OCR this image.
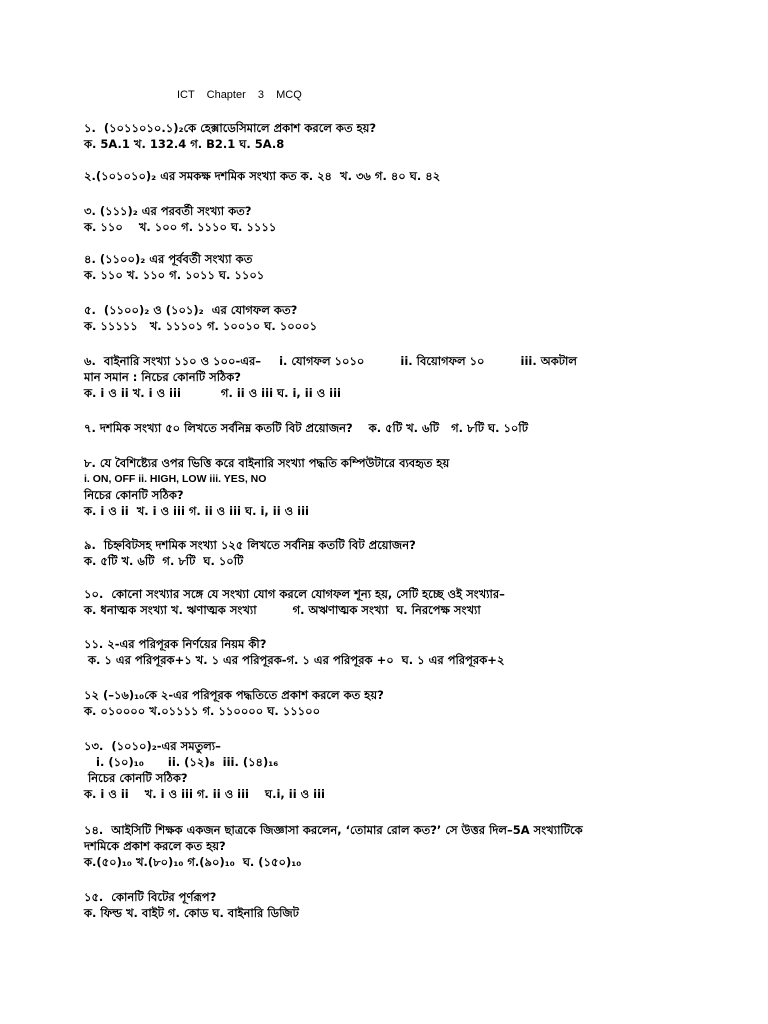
ICT  Chapter  3  MCQ
১.  (১০১১০১০.১)₂কে হেক্সাডেসিমালে প্রকাশ করলে কত হয়?
ক. 5A.1 খ. 132.4 গ. B2.1 ঘ. 5A.8
২.(১০১০১০)₂ এর সমকক্ষ দশমিক সংখ্যা কত ক. ২৪  খ. ৩৬ গ. ৪০ ঘ. ৪২
৩. (১১১)₂ এর পরবর্তী সংখ্যা কত?
ক. ১১০    খ. ১০০ গ. ১১১০ ঘ. ১১১১
৪. (১১০০)₂ এর পূর্ববর্তী সংখ্যা কত
ক. ১১০ খ. ১১০ গ. ১০১১ ঘ. ১১০১
৫.  (১১০০)₂ ও (১০১)₂  এর যোগফল কত?
ক. ১১১১১   খ. ১১১০১ গ. ১০০১০ ঘ. ১০০০১
৬.  বাইনারি সংখ্যা ১১০ ও ১০০-এর– i. যোগফল ১০১০	ii. বিয়োগফল ১০	iii. অকটাল
মান সমান : নিচের কোনটি সঠিক?
ক. i ও ii খ. i ও iii          গ. ii ও iii ঘ. i, ii ও iii
৭. দশমিক সংখ্যা ৫০ লিখতে সর্বনিম্ন কতটি বিট প্রয়োজন?    ক. ৫টি খ. ৬টি   গ. ৮টি ঘ. ১০টি
৮. যে বৈশিষ্ট্যের ওপর ভিত্তি করে বাইনারি সংখ্যা পদ্ধতি কম্পিউটারে ব্যবহৃত হয়
i. ON, OFF ii. HIGH, LOW iii. YES, NO
নিচের কোনটি সঠিক?
ক. i ও ii  খ. i ও iii গ. ii ও iii ঘ. i, ii ও iii
৯.  চিহ্নবিটসহ দশমিক সংখ্যা ১২৫ লিখতে সর্বনিম্ন কতটি বিট প্রয়োজন?
ক. ৫টি খ. ৬টি  গ. ৮টি  ঘ. ১০টি
১০.  কোনো সংখ্যার সঙ্গে যে সংখ্যা যোগ করলে যোগফল শূন্য হয়, সেটি হচ্ছে ওই সংখ্যার–
ক. ধনাত্মক সংখ্যা খ. ঋণাত্মক সংখ্যা         গ. অঋণাত্মক সংখ্যা  ঘ. নিরপেক্ষ সংখ্যা
১১. ২-এর পরিপূরক নির্ণয়ের নিয়ম কী?
ক. ১ এর পরিপূরক+১ খ. ১ এর পরিপূরক-গ. ১ এর পরিপূরক +০  ঘ. ১ এর পরিপূরক+২
১২ (–১৬)₁₀কে ২-এর পরিপূরক পদ্ধতিতে প্রকাশ করলে কত হয়?
ক. ০১০০০০ খ.০১১১১ গ. ১১০০০০ ঘ. ১১১০০
১৩.  (১০১০)₂-এর সমতুল্য–
i. (১০)₁₀      ii. (১২)₈  iii. (১৪)₁₆
নিচের কোনটি সঠিক?
ক. i ও ii    খ. i ও iii গ. ii ও iii    ঘ.i, ii ও iii
১৪.  আইসিটি শিক্ষক একজন ছাত্রকে জিজ্ঞাসা করলেন, ‘তোমার রোল কত?’ সে উত্তর দিল–5A সংখ্যাটিকে
দশমিকে প্রকাশ করলে কত হয়?
ক.(৫০)₁₀ খ.(৮০)₁₀ গ.(৯০)₁₀  ঘ. (১৫০)₁₀
১৫.  কোনটি বিটের পূর্ণরূপ?
ক. ফিল্ড খ. বাইট গ. কোড ঘ. বাইনারি ডিজিট
